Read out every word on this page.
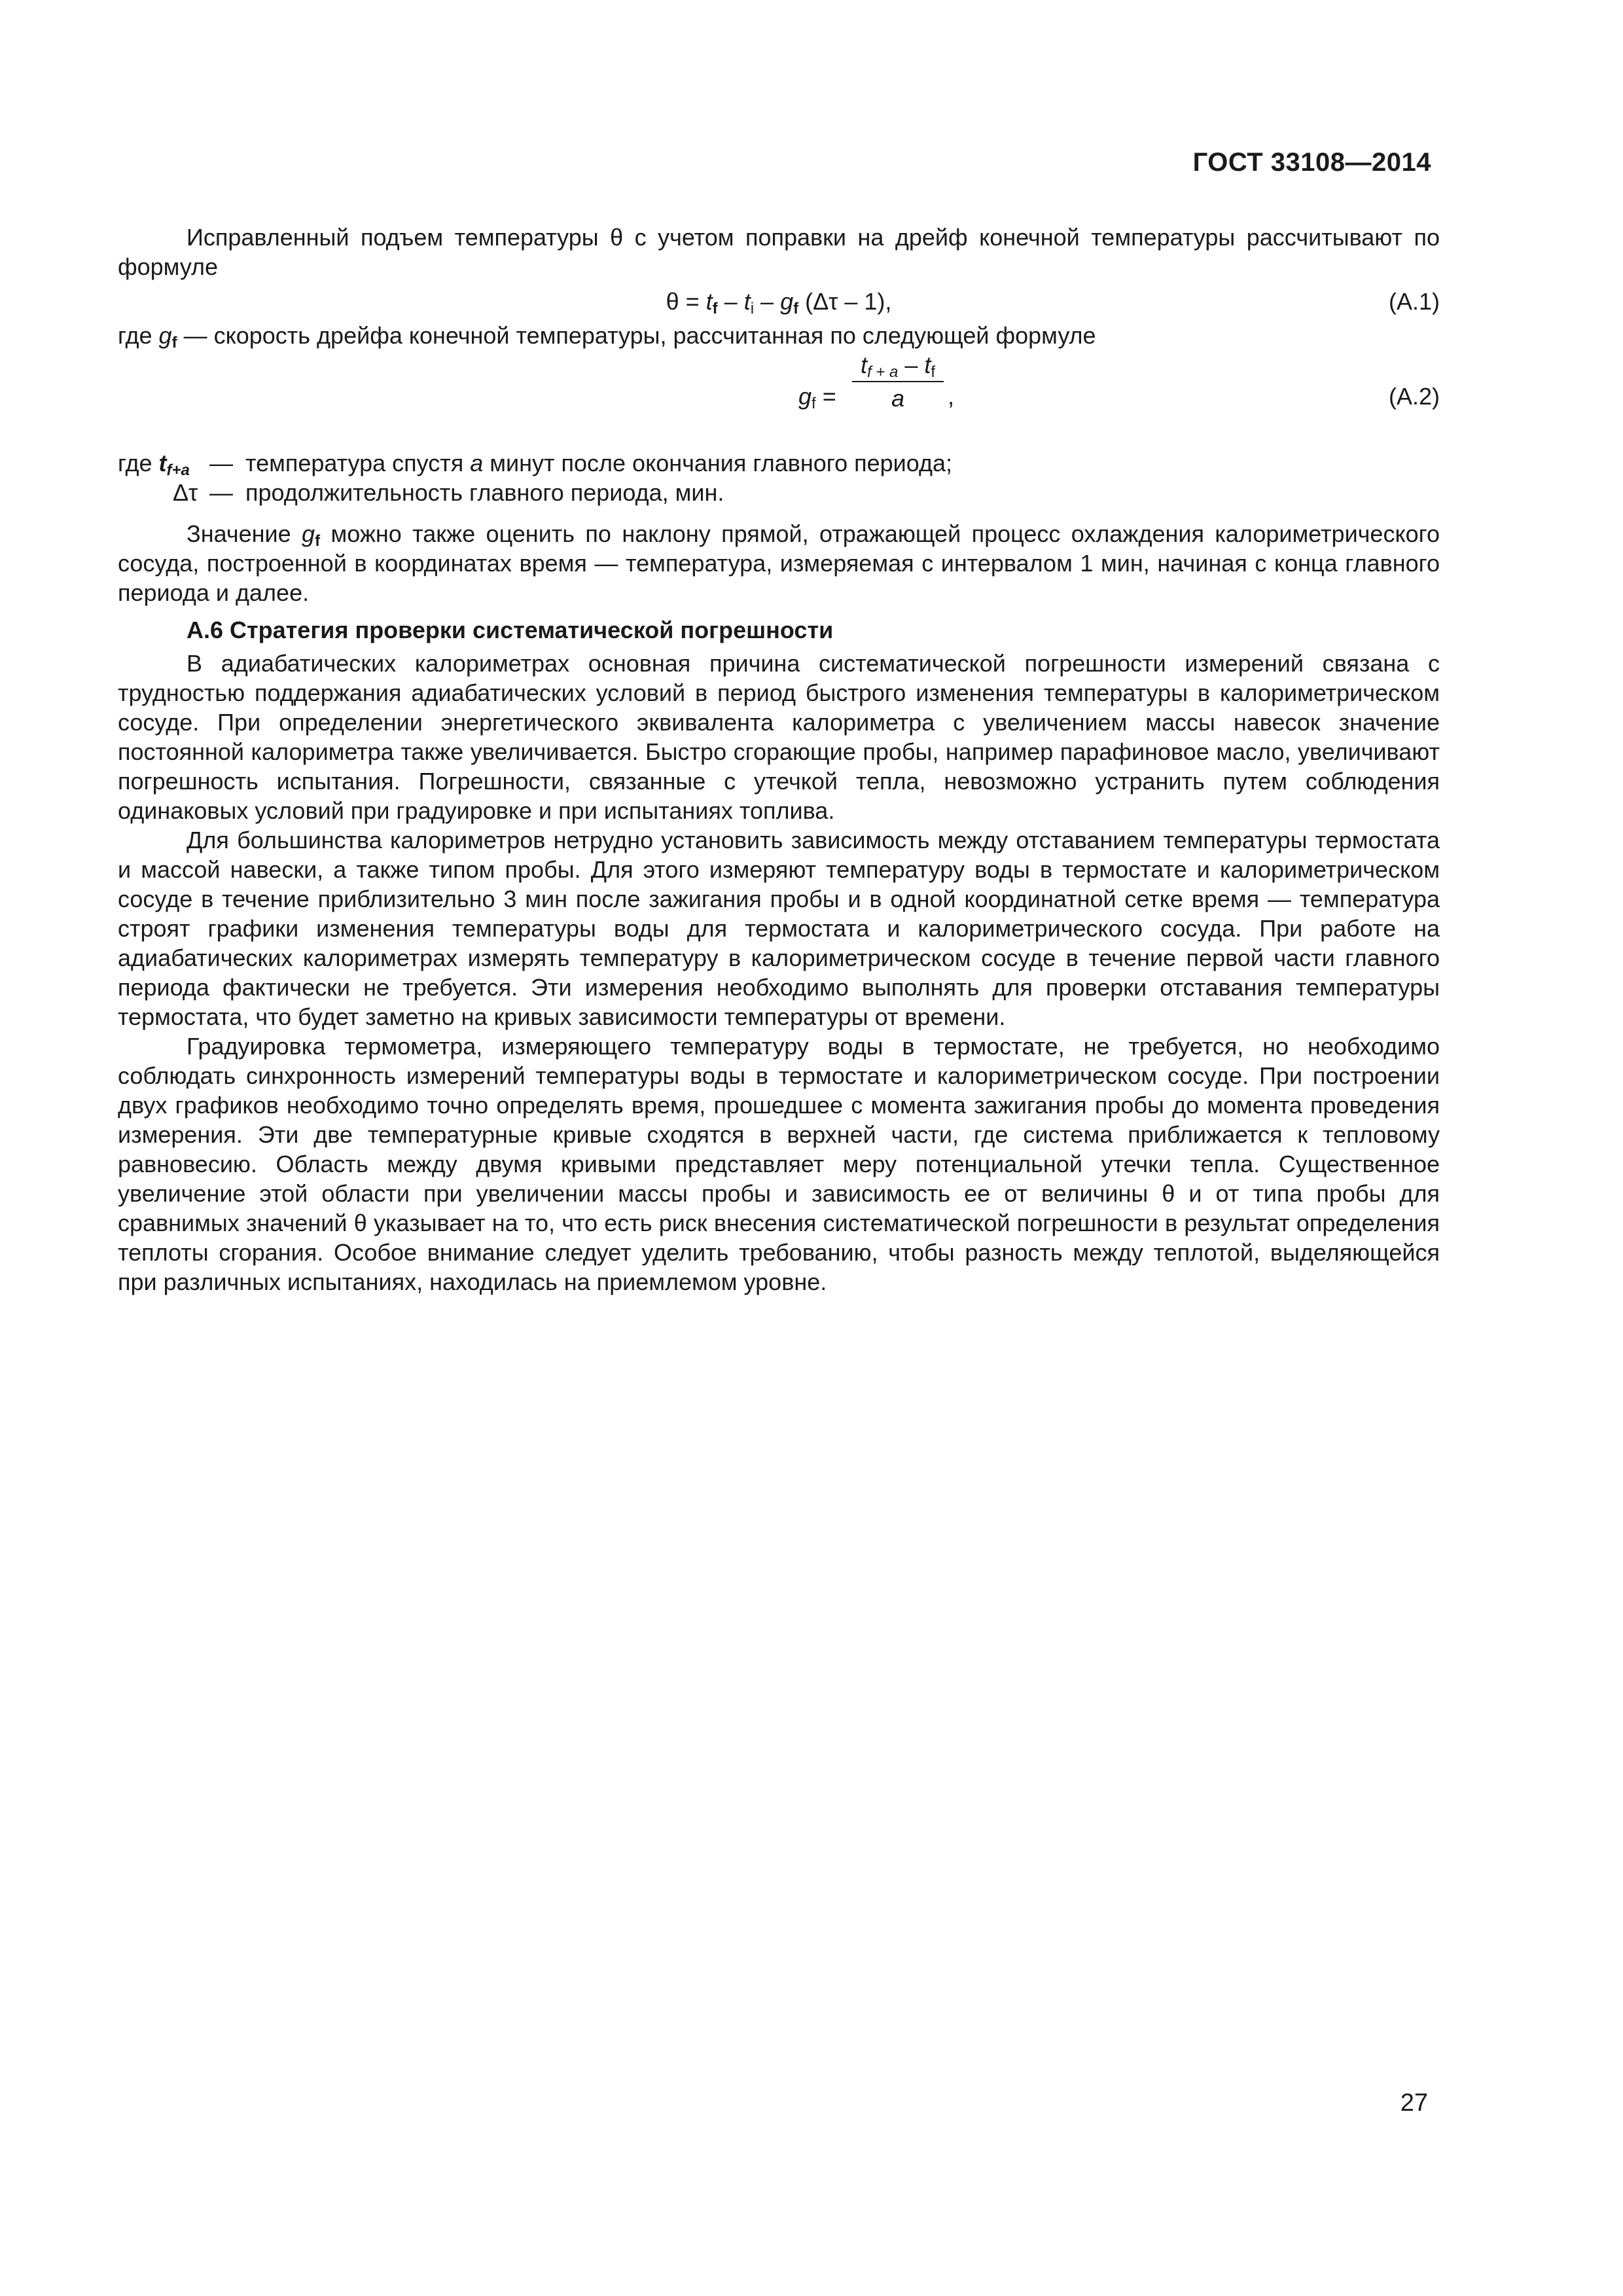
ГОСТ 33108—2014

Исправленный подъем температуры θ с учетом поправки на дрейф конечной температуры рассчитывают по формуле

$\theta = t_f - t_i - g_f$ (Δτ – 1),	(А.1)

где $g_f$ — скорость дрейфа конечной температуры, рассчитанная по следующей формуле

$g_f = \frac{t_{f + a} - t_f}{a}$ ,	(А.2)
где $t_{f+a}$ — температура спустя a минут после окончания главного периода;
Δτ — продолжительность главного периода, мин.

Значение $g_f$ можно также оценить по наклону прямой, отражающей процесс охлаждения калориметрического сосуда, построенной в координатах время — температура, измеряемая с интервалом 1 мин, начиная с конца главного периода и далее.

А.6 Стратегия проверки систематической погрешности

В адиабатических калориметрах основная причина систематической погрешности измерений связана с трудностью поддержания адиабатических условий в период быстрого изменения температуры в калориметрическом сосуде. При определении энергетического эквивалента калориметра с увеличением массы навесок значение постоянной калориметра также увеличивается. Быстро сгорающие пробы, например парафиновое масло, увеличивают погрешность испытания. Погрешности, связанные с утечкой тепла, невозможно устранить путем соблюдения одинаковых условий при градуировке и при испытаниях топлива.

Для большинства калориметров нетрудно установить зависимость между отставанием температуры термостата и массой навески, а также типом пробы. Для этого измеряют температуру воды в термостате и калориметрическом сосуде в течение приблизительно 3 мин после зажигания пробы и в одной координатной сетке время — температура строят графики изменения температуры воды для термостата и калориметрического сосуда. При работе на адиабатических калориметрах измерять температуру в калориметрическом сосуде в течение первой части главного периода фактически не требуется. Эти измерения необходимо выполнять для проверки отставания температуры термостата, что будет заметно на кривых зависимости температуры от времени.

Градуировка термометра, измеряющего температуру воды в термостате, не требуется, но необходимо соблюдать синхронность измерений температуры воды в термостате и калориметрическом сосуде. При построении двух графиков необходимо точно определять время, прошедшее с момента зажигания пробы до момента проведения измерения. Эти две температурные кривые сходятся в верхней части, где система приближается к тепловому равновесию. Область между двумя кривыми представляет меру потенциальной утечки тепла. Существенное увеличение этой области при увеличении массы пробы и зависимость ее от величины θ и от типа пробы для сравнимых значений θ указывает на то, что есть риск внесения систематической погрешности в результат определения теплоты сгорания. Особое внимание следует уделить требованию, чтобы разность между теплотой, выделяющейся при различных испытаниях, находилась на приемлемом уровне.

27
